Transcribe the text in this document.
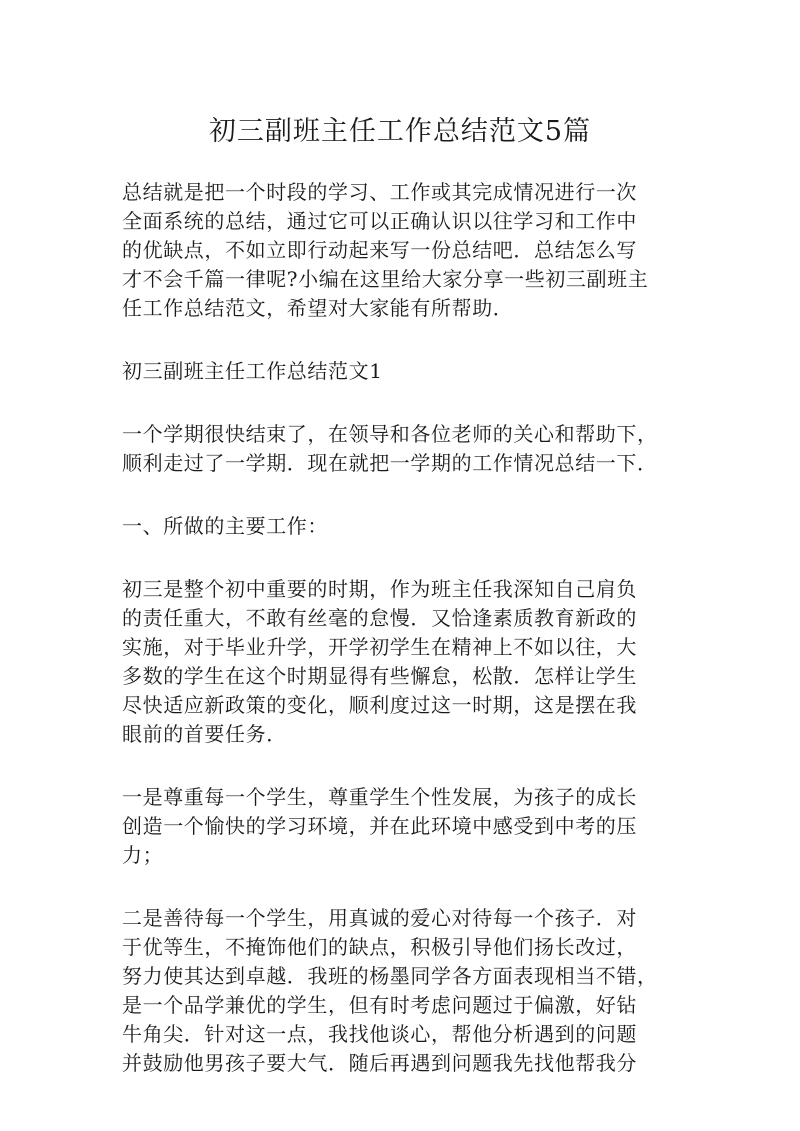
初三副班主任工作总结范文5篇

总结就是把一个时段的学习、工作或其完成情况进行一次
全面系统的总结，通过它可以正确认识以往学习和工作中
的优缺点，不如立即行动起来写一份总结吧．总结怎么写
才不会千篇一律呢?小编在这里给大家分享一些初三副班主
任工作总结范文，希望对大家能有所帮助．

初三副班主任工作总结范文1

一个学期很快结束了，在领导和各位老师的关心和帮助下，
顺利走过了一学期．现在就把一学期的工作情况总结一下．

一、所做的主要工作：

初三是整个初中重要的时期，作为班主任我深知自己肩负
的责任重大，不敢有丝毫的怠慢．又恰逢素质教育新政的
实施，对于毕业升学，开学初学生在精神上不如以往，大
多数的学生在这个时期显得有些懈怠，松散．怎样让学生
尽快适应新政策的变化，顺利度过这一时期，这是摆在我
眼前的首要任务．

一是尊重每一个学生，尊重学生个性发展，为孩子的成长
创造一个愉快的学习环境，并在此环境中感受到中考的压
力；

二是善待每一个学生，用真诚的爱心对待每一个孩子．对
于优等生，不掩饰他们的缺点，积极引导他们扬长改过，
努力使其达到卓越．我班的杨墨同学各方面表现相当不错，
是一个品学兼优的学生，但有时考虑问题过于偏激，好钻
牛角尖．针对这一点，我找他谈心，帮他分析遇到的问题
并鼓励他男孩子要大气．随后再遇到问题我先找他帮我分
